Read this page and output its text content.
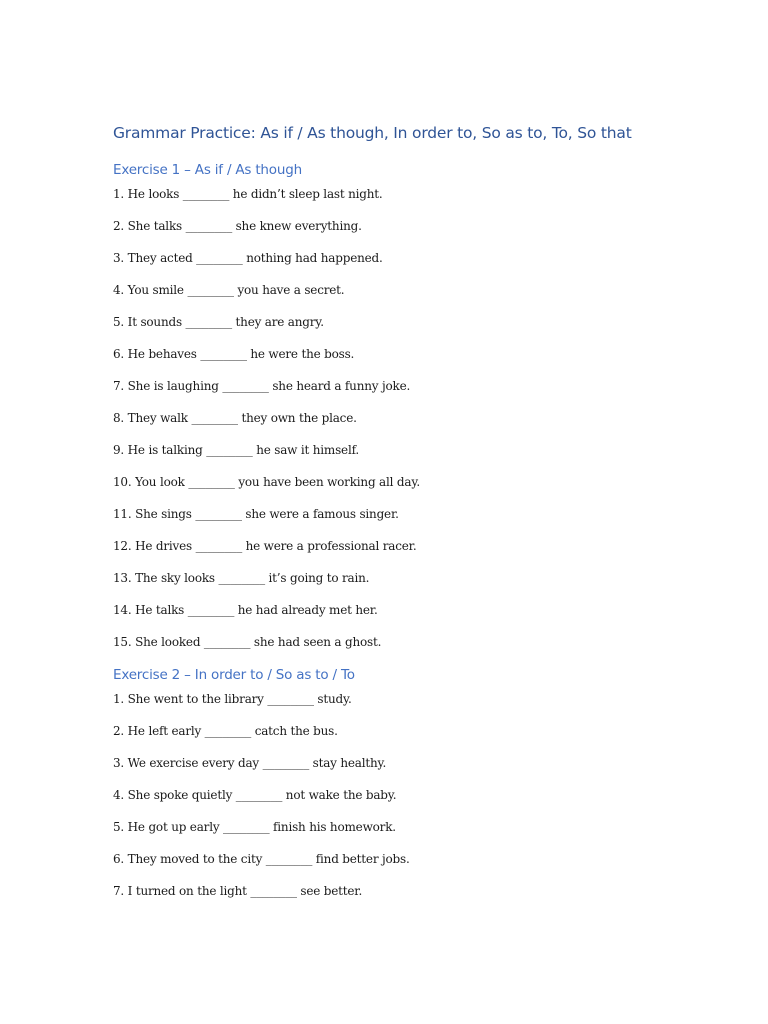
Grammar Practice: As if / As though, In order to, So as to, To, So that
Exercise 1 – As if / As though
1. He looks ________ he didn’t sleep last night.
2. She talks ________ she knew everything.
3. They acted ________ nothing had happened.
4. You smile ________ you have a secret.
5. It sounds ________ they are angry.
6. He behaves ________ he were the boss.
7. She is laughing ________ she heard a funny joke.
8. They walk ________ they own the place.
9. He is talking ________ he saw it himself.
10. You look ________ you have been working all day.
11. She sings ________ she were a famous singer.
12. He drives ________ he were a professional racer.
13. The sky looks ________ it’s going to rain.
14. He talks ________ he had already met her.
15. She looked ________ she had seen a ghost.
Exercise 2 – In order to / So as to / To
1. She went to the library ________ study.
2. He left early ________ catch the bus.
3. We exercise every day ________ stay healthy.
4. She spoke quietly ________ not wake the baby.
5. He got up early ________ finish his homework.
6. They moved to the city ________ find better jobs.
7. I turned on the light ________ see better.
